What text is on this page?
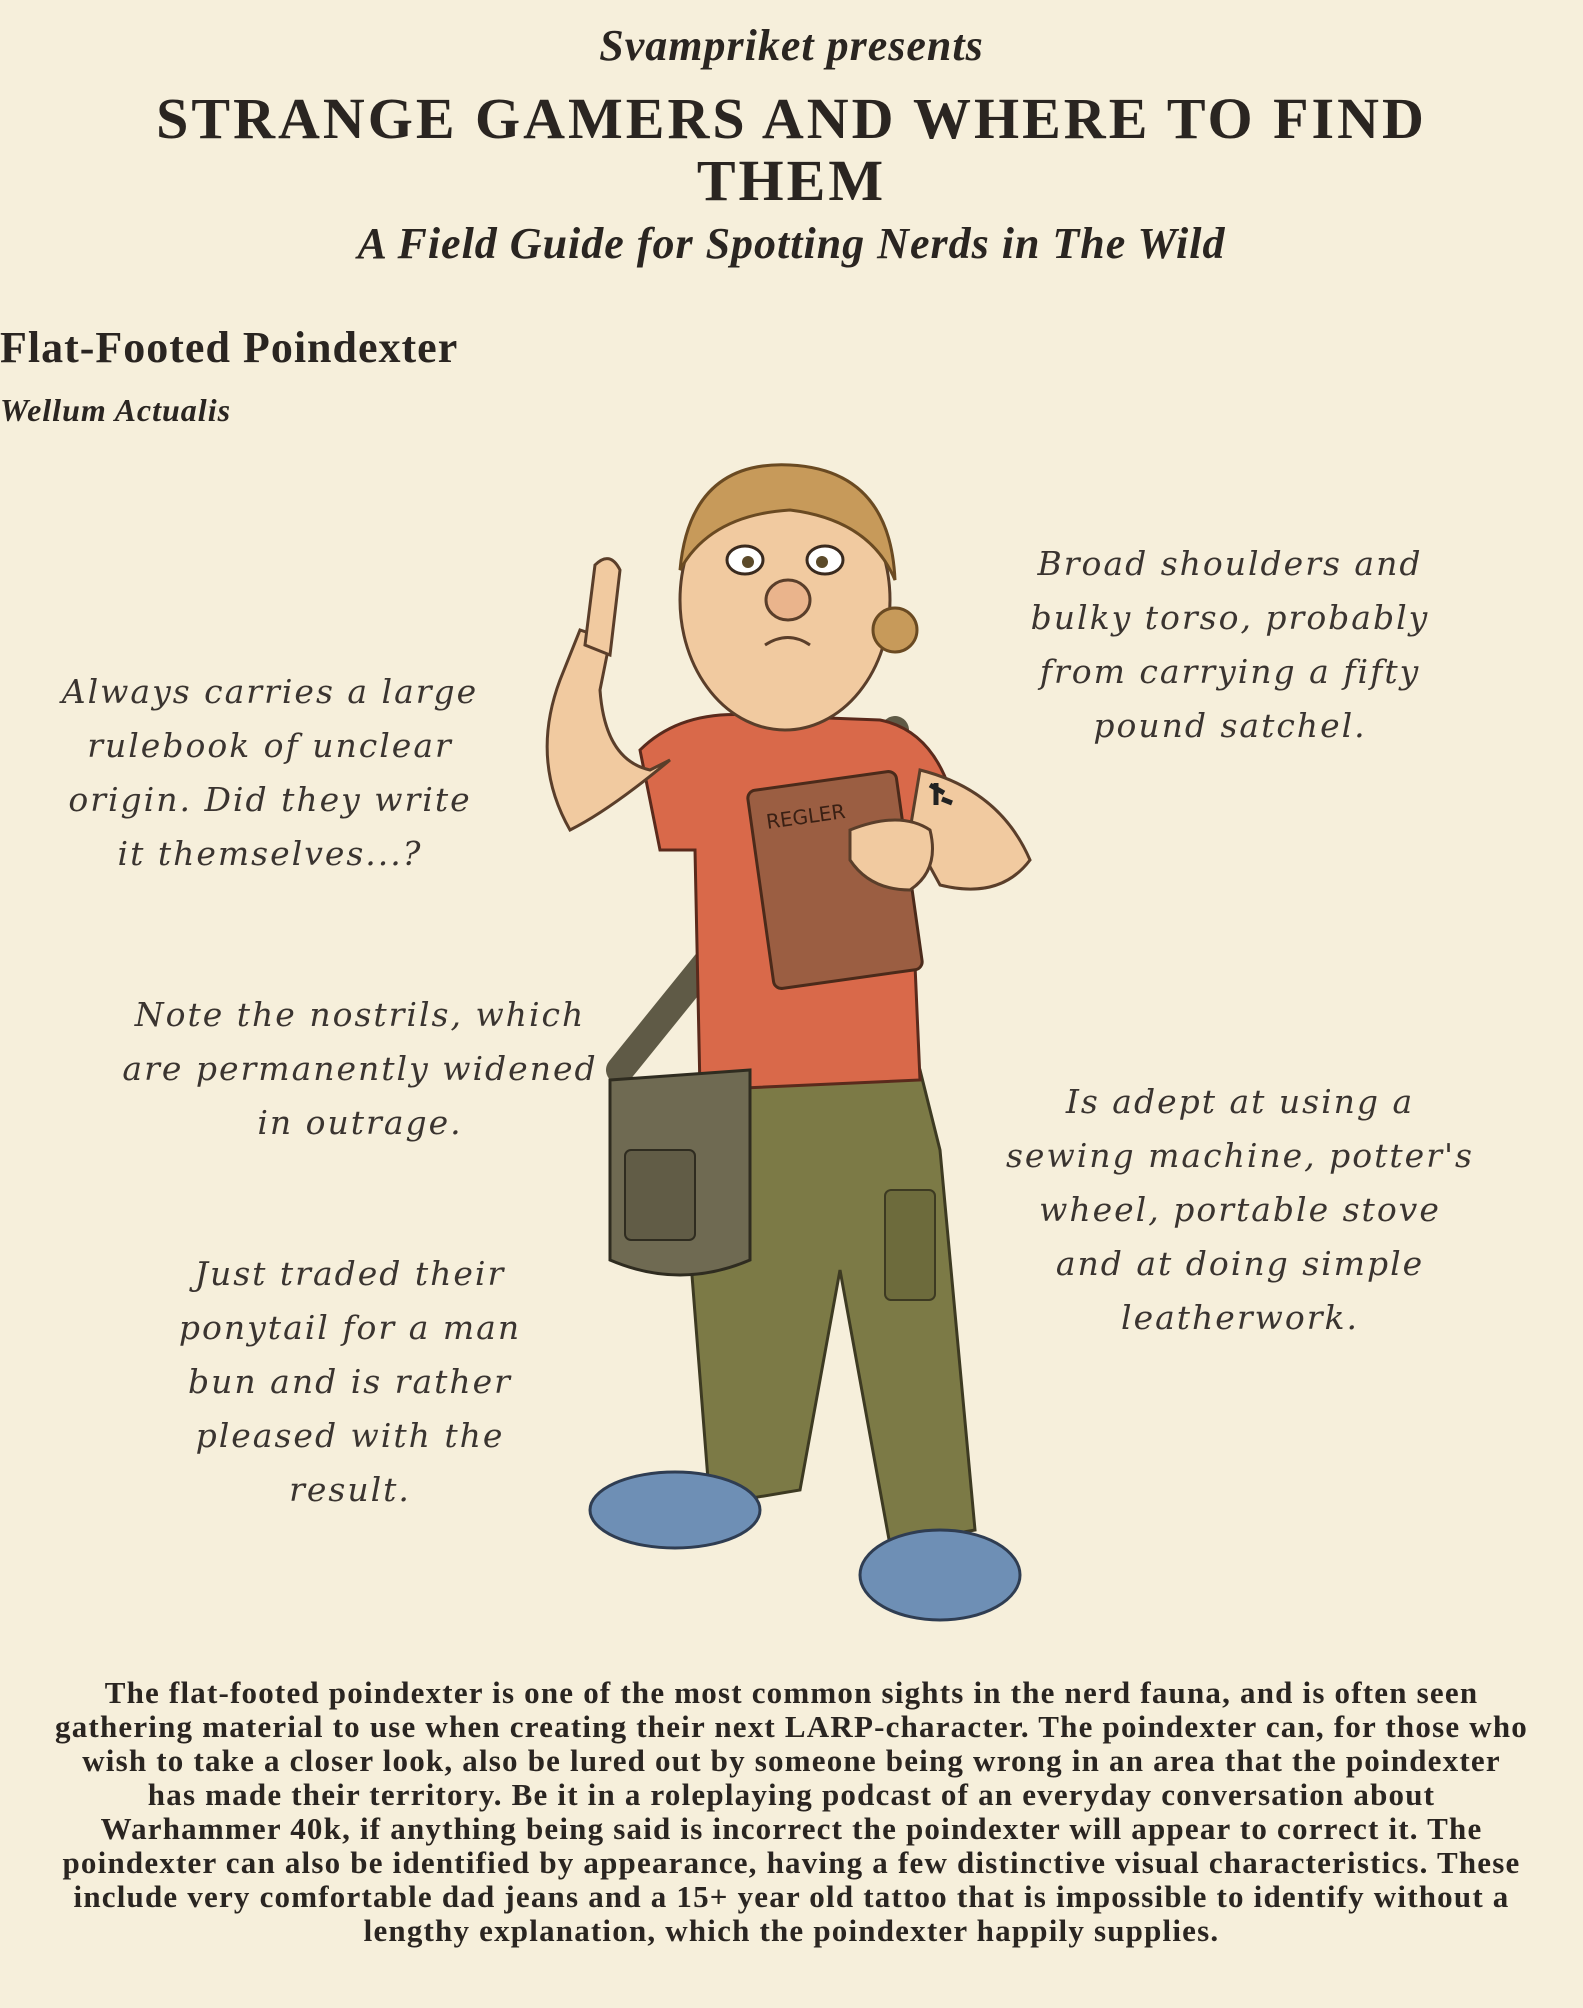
Svampriket presents
STRANGE GAMERS AND WHERE TO FIND THEM
A Field Guide for Spotting Nerds in The Wild
Flat-Footed Poindexter
Wellum Actualis
Always carries a large rulebook of unclear origin. Did they write it themselves...?
Note the nostrils, which are permanently widened in outrage.
Just traded their ponytail for a man bun and is rather pleased with the result.
Broad shoulders and bulky torso, probably from carrying a fifty pound satchel.
Is adept at using a sewing machine, potter's wheel, portable stove and at doing simple leatherwork.
REGLER
The flat-footed poindexter is one of the most common sights in the nerd fauna, and is often seen gathering material to use when creating their next LARP-character. The poindexter can, for those who wish to take a closer look, also be lured out by someone being wrong in an area that the poindexter has made their territory. Be it in a roleplaying podcast of an everyday conversation about Warhammer 40k, if anything being said is incorrect the poindexter will appear to correct it. The poindexter can also be identified by appearance, having a few distinctive visual characteristics. These include very comfortable dad jeans and a 15+ year old tattoo that is impossible to identify without a lengthy explanation, which the poindexter happily supplies.
